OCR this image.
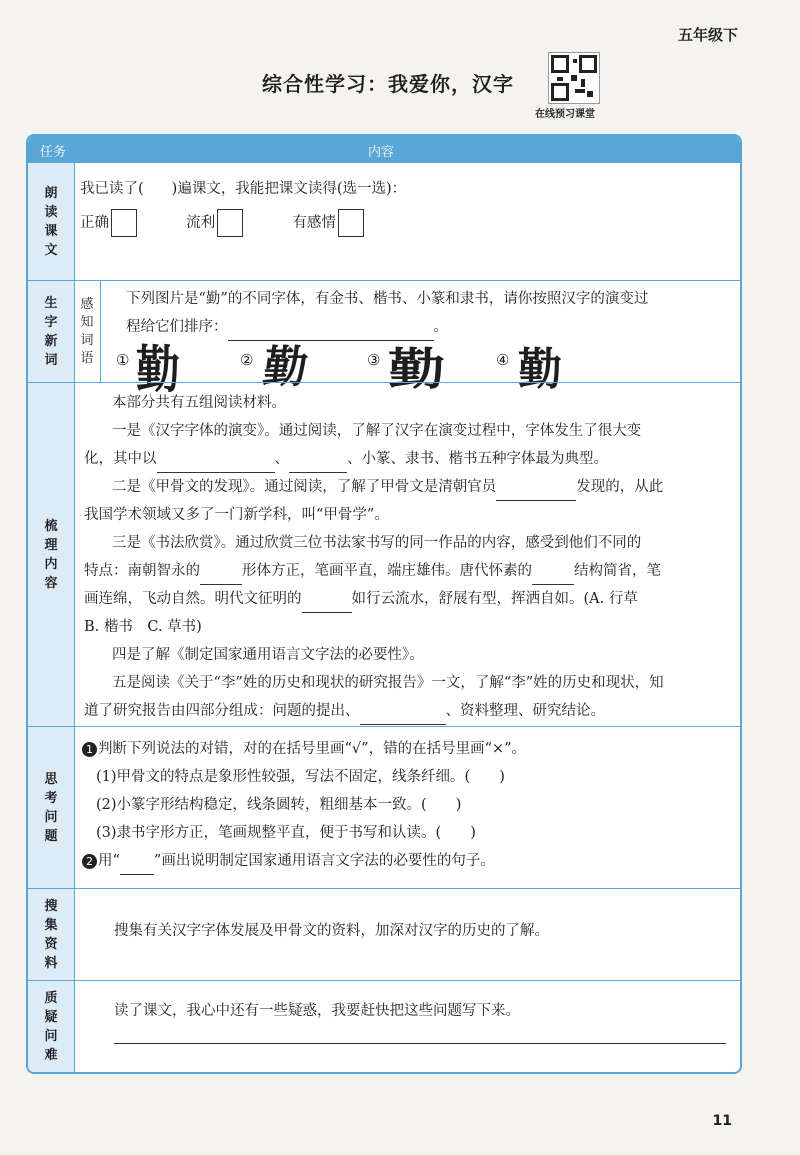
五年级下
综合性学习：我爱你，汉字
在线预习课堂
任务	内容
朗读课文
我已读了( )遍课文，我能把课文读得(选一选)：
正确	流利	有感情
生字新词
感知词语
下列图片是“勤”的不同字体，有金书、楷书、小篆和隶书，请你按照汉字的演变过
程给它们排序：	。
① 勤	② 勤	③ 勤	④ 勤
梳理内容
本部分共有五组阅读材料。
一是《汉字字体的演变》。通过阅读，了解了汉字在演变过程中，字体发生了很大变
化，其中以	、	、小篆、隶书、楷书五种字体最为典型。
二是《甲骨文的发现》。通过阅读，了解了甲骨文是清朝官员	发现的，从此
我国学术领域又多了一门新学科，叫“甲骨学”。
三是《书法欣赏》。通过欣赏三位书法家书写的同一作品的内容，感受到他们不同的
特点：南朝智永的	形体方正，笔画平直，端庄雄伟。唐代怀素的	结构简省，笔
画连绵，飞动自然。明代文征明的	如行云流水，舒展有型，挥洒自如。(A. 行草
B. 楷书　C. 草书)
四是了解《制定国家通用语言文字法的必要性》。
五是阅读《关于“李”姓的历史和现状的研究报告》一文，了解“李”姓的历史和现状，知
道了研究报告由四部分组成：问题的提出、	、资料整理、研究结论。
思考问题
1 判断下列说法的对错，对的在括号里画“√”，错的在括号里画“×”。
(1)甲骨文的特点是象形性较强，写法不固定，线条纤细。(　　)
(2)小篆字形结构稳定，线条圆转，粗细基本一致。(　　)
(3)隶书字形方正，笔画规整平直，便于书写和认读。(　　)
2 用“ ”画出说明制定国家通用语言文字法的必要性的句子。
搜集资料
搜集有关汉字字体发展及甲骨文的资料，加深对汉字的历史的了解。
质疑问难
读了课文，我心中还有一些疑惑，我要赶快把这些问题写下来。
11
